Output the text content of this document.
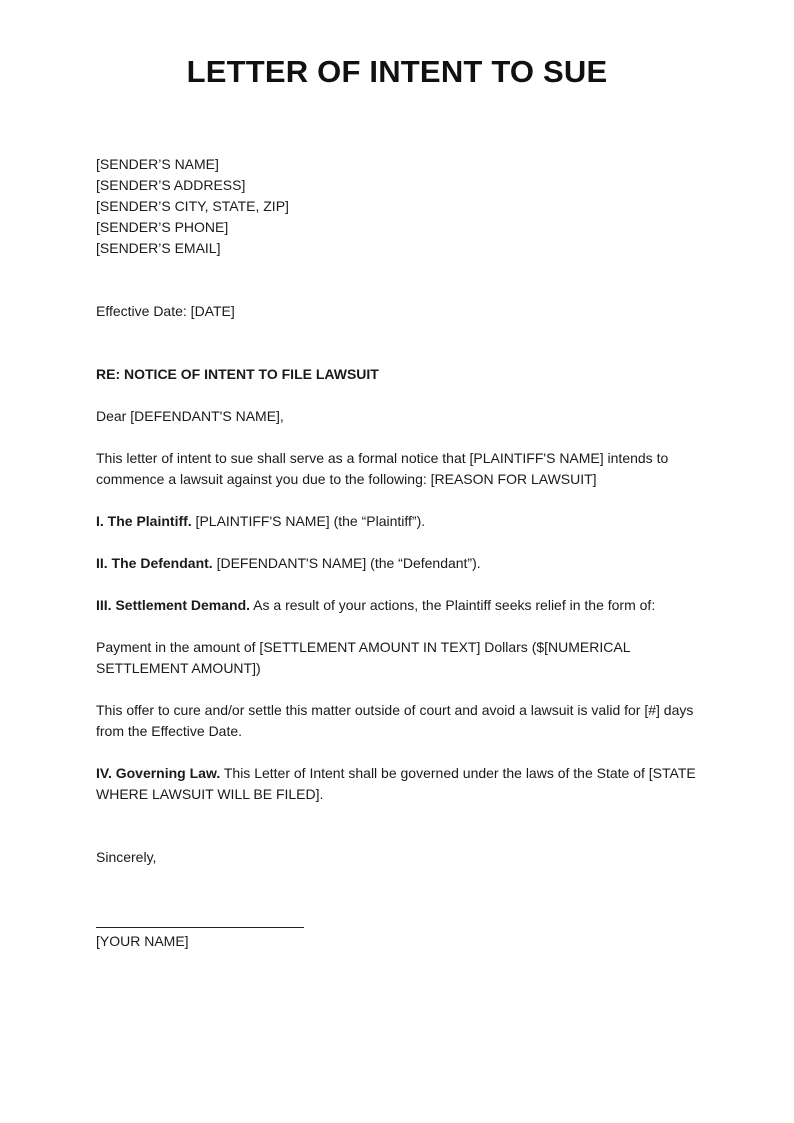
LETTER OF INTENT TO SUE
[SENDER’S NAME]
[SENDER’S ADDRESS]
[SENDER’S CITY, STATE, ZIP]
[SENDER’S PHONE]
[SENDER’S EMAIL]
Effective Date: [DATE]
RE: NOTICE OF INTENT TO FILE LAWSUIT
Dear [DEFENDANT'S NAME],
This letter of intent to sue shall serve as a formal notice that [PLAINTIFF'S NAME] intends to commence a lawsuit against you due to the following: [REASON FOR LAWSUIT]
I. The Plaintiff. [PLAINTIFF'S NAME] (the “Plaintiff”).
II. The Defendant. [DEFENDANT'S NAME] (the “Defendant”).
III. Settlement Demand. As a result of your actions, the Plaintiff seeks relief in the form of:
Payment in the amount of [SETTLEMENT AMOUNT IN TEXT] Dollars ($[NUMERICAL SETTLEMENT AMOUNT])
This offer to cure and/or settle this matter outside of court and avoid a lawsuit is valid for [#] days from the Effective Date.
IV. Governing Law. This Letter of Intent shall be governed under the laws of the State of [STATE WHERE LAWSUIT WILL BE FILED].
Sincerely,
[YOUR NAME]
